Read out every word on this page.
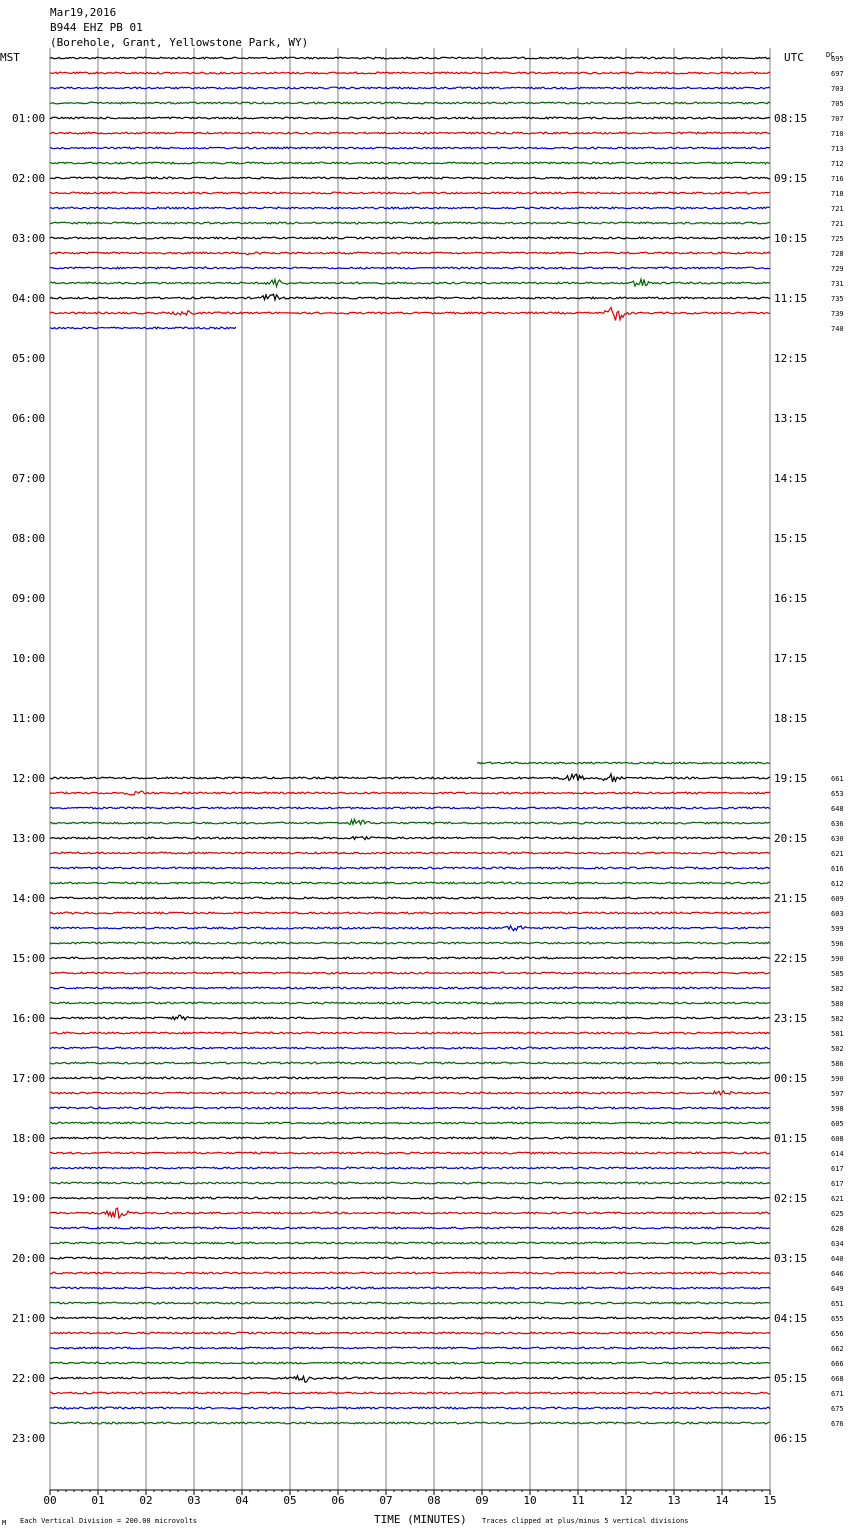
00	01	02	03	04	05	06	07	08	09	10	11	12	13	14	15
01:00
02:00
03:00
04:00
05:00
06:00
07:00
08:00
09:00
10:00
11:00
12:00
13:00
14:00
15:00
16:00
17:00
18:00
19:00
20:00
21:00
22:00
23:00
08:15
09:15
10:15
11:15
12:15
13:15
14:15
15:15
16:15
17:15
18:15
19:15
20:15
21:15
22:15
23:15
00:15
01:15
02:15
03:15
04:15
05:15
06:15
695
697
703
705
707
710
713
712
716
718
721
721
725
728
729
731
735
739
740
661
653
648
636
630
621
616
612
609
603
599
596
590
585
582
580
582
581
502
586
590
597
598
605
608
614
617
617
621
625
628
634
640
646
649
651
655
656
662
666
668
671
675
676
Mar19,2016
B944 EHZ PB 01
(Borehole, Grant, Yellowstone Park, WY)
MST	UTC	DC
M Each Vertical Division = 200.00 microvolts	TIME (MINUTES) Traces clipped at plus/minus 5 vertical divisions
